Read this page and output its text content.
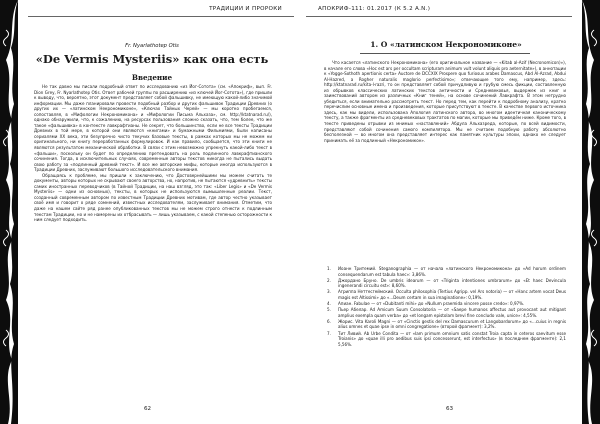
ТРАДИЦИИ И ПРОРОКИ
Fr. Nyarlathotep Otis
«De Vermis Mysteriis» как она есть
Введение

Не так давно мы писали подробный ответ по исследованию «из Йог-Сотота» (см. «Апокриф», вып. Fr. Dion Grey, Fr. Nyarlathotep Otis. Ответ рабочей группы по расширению «из ключей Йог-Сотота»), где пришли к выводу, что, вероятно, этот документ представляет собой фальшивку, не имеющую какой-либо значимой информации. Мы даже планировали провести подобный разбор и других фальшивок Традиции Древних (о других их — «латинском Некрономиконе», «Ключах Тайных Черей» — мы коротко пробегаемся, сопоставляя, в «Мифологии Некрономикона» и «Мифологии Письма Альхаза», см. http://ktatnarad.ru/), однако обнаружили, что, к сожалению, на ресурсах пользования сложно сказать, что, тем более, что же такое «фальшивка» в контексте лавкрафтианы. Не секрет, что большинство, если не все тексты Традиции Древних в той мере, в которой они являются «книгами» и бумажными Фильмиями, были написаны сериалями XX века, эти безупречно чисто текучих базовые тексты, в рамках которых мы не можем ни оригинального, ни книгу переработанных формулировок. И как правило, сообщается, что эти книги не являются результатом механической обработки. В связи с этим невозможно упрекнуть какой-либо текст в «фальши», поскольку он будет по определению претендовать на роль подлинного лавкрафтианского сочинения. Тогда, в исключительных случаях, современные авторы текстов никогда не пытались выдать свою работу за «подлинный древний текст». И все же авторские мифы, которые иногда используются в Традиции Древних, заслуживают большого исследовательского внимания.

Обращаясь к проблеме, мы пришли к заключению, что Достовернейшими мы можем считать те документы, авторы которых не скрывают своего авторства, но, напротив, не пытаются «удревнить» тексты самих иностранных переводчиков (в Тайной Традиции, на наш взгляд, это так: «Liber Legis» и «De Vermis Mysteriis» — одни из основных), тексты, в которых не используются вымышленные реалии. Текст, созданный современным автором по известным Традиции Древних мотивам, где автор честно указывает своё имя и говорит о ряде сомнений, известных исследователям, заслуживает внимания. Отметим, что даже на нашем сайте ряд ранее опубликованных текстов мы не можем строго отнести к подлинным текстам Традиции, но и не намерены их отбрасывать — лишь указываем, с какой степенью осторожности к ним следует подходить.

62
АПОКРИФ-111: 01.2017 (К 5.2 A.N.)
1. О «латинском Некрономиконе»

Что касается «латинского Некрономикона» (его оригинальное название — «Kitab al-Azif (Necronomicon)»), в начале его слова «Hoc est ars per occultam scripturam animum vult volunt aliquis pro aeternitate»), в аннотации к «Yogge-Sothoth apertionis certa» Auctore de DCCXIX Prospere quo furiosus arabes Damascus, Abd Al-Azrad, Abdui Al-Hazred, a Rogher naturalis maglorio perfectisimo»; отвечающие того ему, например, здесь: http://ktatnarad.ru/kita-l-razri, то он представляет собой причудливую и грубую смесь фикции, составленную из обрывков классических латинских текстов античности и Средневековья, выдержек из книг и заимствований автором из различных «Книг теней», на основе сочинений Лавкрафта. В этом нетрудно убедиться, если внимательно рассмотреть текст. Но перед тем, как перейти к подробному анализу, кратко перечислим основные имена и произведения, которые присутствуют в тексте. В качестве первого источника здесь, как мы видели, использована Апология латинского автора, во многом идентичная каноническому тексту, а также фрагменты из средневековых трактатов по магии, которые мы приведём ниже. Кроме того, в тексте приведены отрывки из мнимых «наставлений» Абдула Альхазреда, которые, по всей видимости, представляют собой сочинения самого компилятора. Мы не считаем подобную работу абсолютно бесполезной — во многом она представляет интерес как памятник культуры эпохи, однако не следует принимать её за подлинный «Некрономикон».

1. Иоанн Тритемий. Steganographia — от начала «латинского Некрономикона» до «Ad horum ordinem consequendarum est tabula haec»: 3,86%.
2. Джордано Бруно. De umbris idearum — от «Triginta intentiones umbrarum» до «Et haec Devincula ingenerandi circuitu est»: 8,60%.
3. Агриппа Неттесгеймский. Occulta philosophia (Tertius Agripp. vel Ars notoria) — от «Hanc artem vocat Deus magis est Altissimi» до «...Deum certam in sua imaginatione»: 0,19%.
4. Апиан. Fabulae — от «Dubitanti mihi» до «Nullum praemida vincere posse credo»: 0,97%.
5. Пьер Абелар. Ad Amicum Suum Consolatoria — от «Saepe humanos affectus aut provocant aut mitigant amplius exempla quam verba» до «et longam epistolam brevi fine concludo vale, unice»: 4,55%.
6. Жорис. Vita Karoli Magni — от «Cinctis gestis del rex Damascurum et Langobardorum» до «...cuius in regnis alius omnes et quae ipse in omni congregatione» (второй фрагмент): 3,2%.
7. Тит Ливий. Ab Urbe Condita — от «Iam primum omnium satis constat Troia capta in ceteros saevitum esse Troianis» до «quae illi pro aedibus suis ipsi concesserunt, est interfectus» (в последнем фрагменте): 2,1 5,56%.
63
